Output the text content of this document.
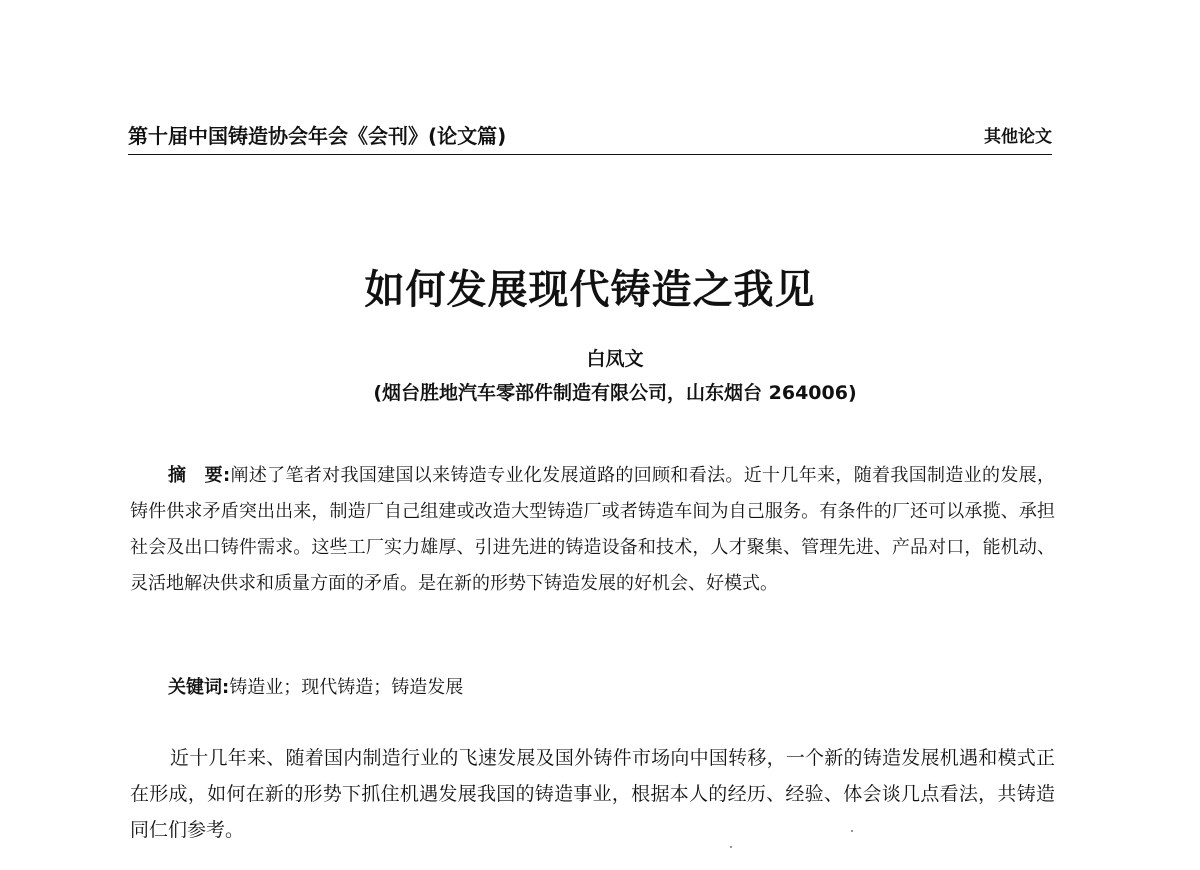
第十届中国铸造协会年会《会刊》(论文篇)	其他论文
如何发展现代铸造之我见
白凤文
(烟台胜地汽车零部件制造有限公司，山东烟台 264006)

摘　要:阐述了笔者对我国建国以来铸造专业化发展道路的回顾和看法。近十几年来，随着我国制造业的发展，铸件供求矛盾突出出来，制造厂自己组建或改造大型铸造厂或者铸造车间为自己服务。有条件的厂还可以承揽、承担社会及出口铸件需求。这些工厂实力雄厚、引进先进的铸造设备和技术，人才聚集、管理先进、产品对口，能机动、灵活地解决供求和质量方面的矛盾。是在新的形势下铸造发展的好机会、好模式。

关键词:铸造业；现代铸造；铸造发展

近十几年来、随着国内制造行业的飞速发展及国外铸件市场向中国转移，一个新的铸造发展机遇和模式正在形成，如何在新的形势下抓住机遇发展我国的铸造事业，根据本人的经历、经验、体会谈几点看法，共铸造同仁们参考。
